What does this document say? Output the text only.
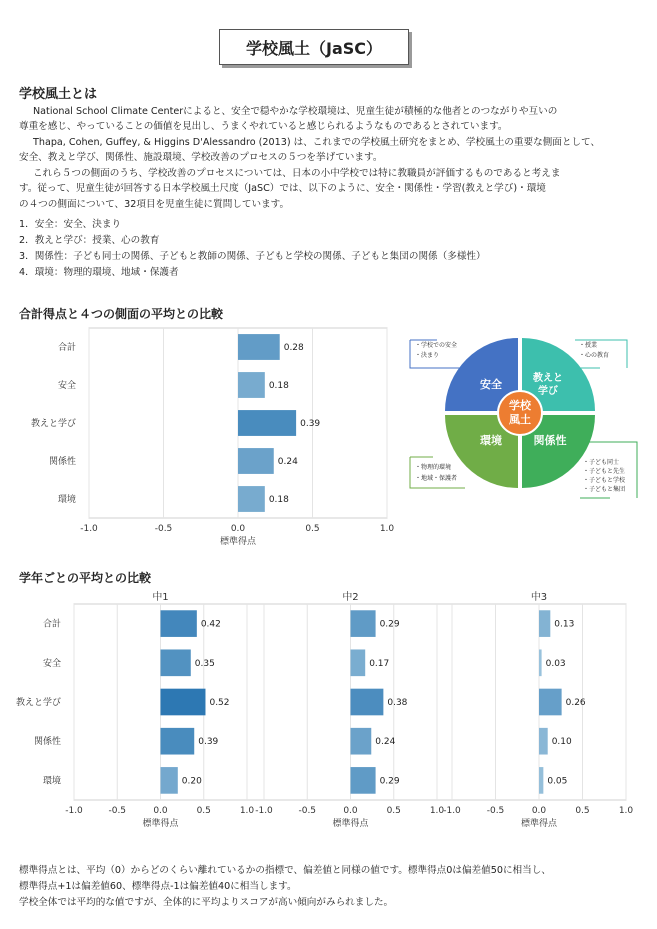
学校風土（JaSC）
学校風土とは
National School Climate Centerによると、安全で穏やかな学校環境は、児童生徒が積極的な他者とのつながりや互いの
尊重を感じ、やっていることの価値を見出し、うまくやれていると感じられるようなものであるとされています。
Thapa, Cohen, Guffey, & Higgins D'Alessandro (2013) は、これまでの学校風土研究をまとめ、学校風土の重要な側面として、
安全、教えと学び、関係性、施設環境、学校改善のプロセスの５つを挙げています。
これら５つの側面のうち、学校改善のプロセスについては、日本の小中学校では特に教職員が評価するものであると考えま
す。従って、児童生徒が回答する日本学校風土尺度（JaSC）では、以下のように、安全・関係性・学習(教えと学び)・環境
の４つの側面について、32項目を児童生徒に質問しています。
1．安全：安全、決まり
2．教えと学び：授業、心の教育
3．関係性：子ども同士の関係、子どもと教師の関係、子どもと学校の関係、子どもと集団の関係（多様性）
4．環境：物理的環境、地域・保護者
合計得点と４つの側面の平均との比較
-1.0	-0.5	0.0	0.5	1.0
標準得点
合計	0.28
安全	0.18
教えと学び	0.39
関係性	0.24
環境	0.18
学校
風土
安全	教えと
学び
環境	関係性
・学校での安全
・決まり
・授業
・心の教育
・物理的環境
・地域・保護者
・子ども同士
・子どもと先生
・子どもと学校
・子どもと集団
学年ごとの平均との比較
-1.0	-0.5	0.0	0.5	1.0
標準得点
中1
合計	0.42
安全	0.35
教えと学び	0.52
関係性	0.39
環境	0.20
-1.0	-0.5	0.0	0.5	1.0
標準得点
中2
0.29
0.17
0.38
0.24
0.29
-1.0	-0.5	0.0	0.5	1.0
標準得点
中3
0.13
0.03
0.26
0.10
0.05
標準得点とは、平均（0）からどのくらい離れているかの指標で、偏差値と同様の値です。標準得点0は偏差値50に相当し、
標準得点+1は偏差値60、標準得点-1は偏差値40に相当します。
学校全体では平均的な値ですが、全体的に平均よりスコアが高い傾向がみられました。
